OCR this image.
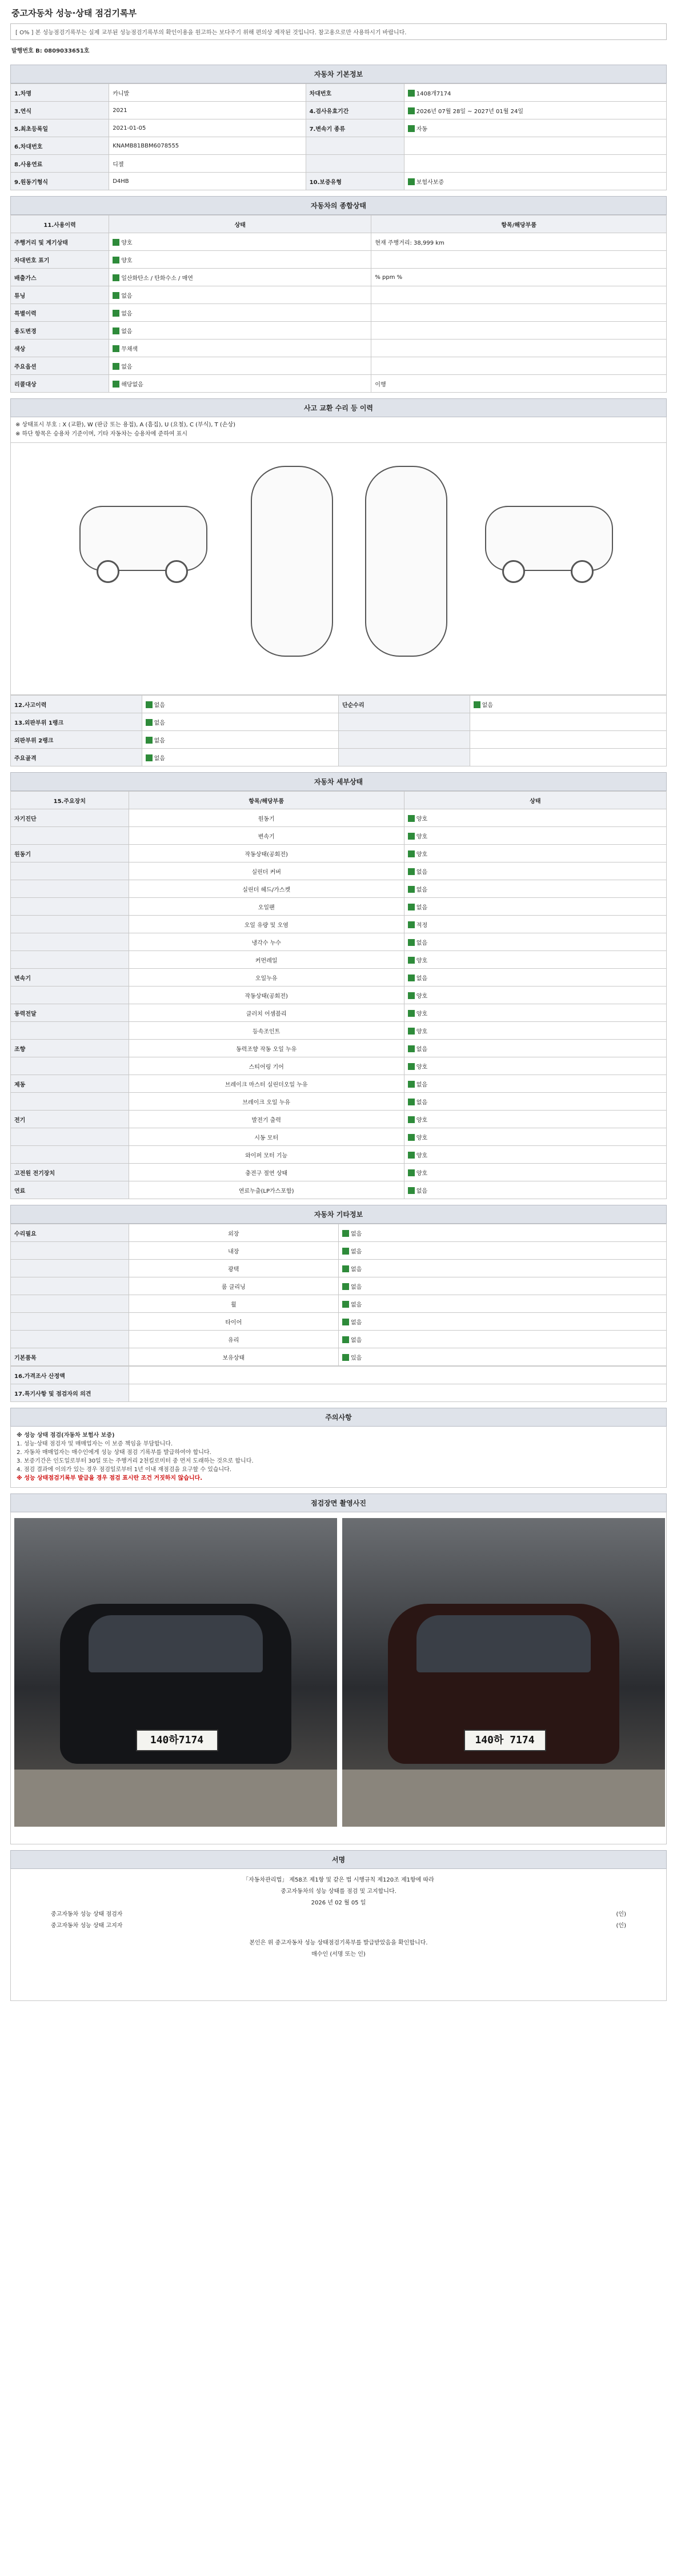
중고자동차 성능·상태 점검기록부
[ O% ] 본 성능점검기록부는 실제 교부된 성능점검기록부의 확인이용을 원고하는 보다주기 위해 편의상 제작된 것입니다. 참고용으로만 사용하시기 바랍니다.
발행번호 B: 0809033651호
자동차 기본정보
1.차명	카니발	차대번호	1408개7174
3.연식	2021	4.검사유효기간	2026년 07월 28일 ~ 2027년 01월 24일
5.최초등록일	2021-01-05	7.변속기 종류	자동
6.차대번호	KNAMB81BBM6078555		
8.사용연료	디젤		
9.원동기형식	D4HB	10.보증유형	보험사보증
자동차의 종합상태
11.사용이력	상태	항목/해당부품
주행거리 및 계기상태	양호	현재 주행거리: 38,999 km
차대번호 표기	양호	
배출가스	일산화탄소 / 탄화수소 / 매연	% ppm %
튜닝	없음	
특별이력	없음	
용도변경	없음	
색상	무채색	
주요옵션	없음	
리콜대상	해당없음	이행
사고 교환 수리 등 이력
※ 상태표시 부호 : X (교환), W (판금 또는 용접), A (흠집), U (요철), C (부식), T (손상)
※ 하단 항목은 승용차 기준이며, 기타 자동차는 승용차에 준하여 표시
12.사고이력	없음	단순수리	없음
13.외판부위 1랭크	없음		
외판부위 2랭크	없음		
주요골격	없음		
자동차 세부상태
15.주요장치	항목/해당부품	상태
자기진단	원동기	양호
	변속기	양호
원동기	작동상태(공회전)	양호
	실린더 커버	없음
	실린더 헤드/가스켓	없음
	오일팬	없음
	오일 유량 및 오염	적정
	냉각수 누수	없음
	커먼레일	양호
변속기	오일누유	없음
	작동상태(공회전)	양호
동력전달	클러치 어셈블리	양호
	등속조인트	양호
조향	동력조향 작동 오일 누유	없음
	스티어링 기어	양호
제동	브레이크 마스터 실린더오일 누유	없음
	브레이크 오일 누유	없음
전기	발전기 출력	양호
	시동 모터	양호
	와이퍼 모터 기능	양호
고전원 전기장치	충전구 절연 상태	양호
연료	연료누출(LP가스포함)	없음
자동차 기타정보
수리필요	외장	없음
	내장	없음
	광택	없음
	룸 클리닝	없음
	휠	없음
	타이어	없음
	유리	없음
기본품목	보유상태	있음
16.가격조사 산정액	
17.특기사항 및 점검자의 의견	
주의사항
※ 성능 상태 점검(자동차 보험사 보증)
1. 성능·상태 점검자 및 매매업자는 이 보증 책임을 부담합니다.
2. 자동차 매매업자는 매수인에게 성능 상태 점검 기록부를 발급하여야 합니다.
3. 보증기간은 인도일로부터 30일 또는 주행거리 2천킬로미터 중 먼저 도래하는 것으로 합니다.
4. 점검 결과에 이의가 있는 경우 점검일로부터 1년 이내 재점검을 요구할 수 있습니다.
※ 성능 상태점검기록부 발급을 경우 점검 표시란 조건 거짓하지 않습니다.
점검장면 촬영사진
140하7174	140하 7174
서명
「자동차관리법」 제58조 제1항 및 같은 법 시행규칙 제120조 제1항에 따라
중고자동차의 성능 상태를 점검 및 고지합니다.
2026 년 02 월 05 일
중고자동차 성능 상태 점검자	(인)
중고자동차 성능 상태 고지자	(인)
본인은 위 중고자동차 성능 상태점검기록부를 발급받았음을 확인합니다.
매수인 (서명 또는 인)
